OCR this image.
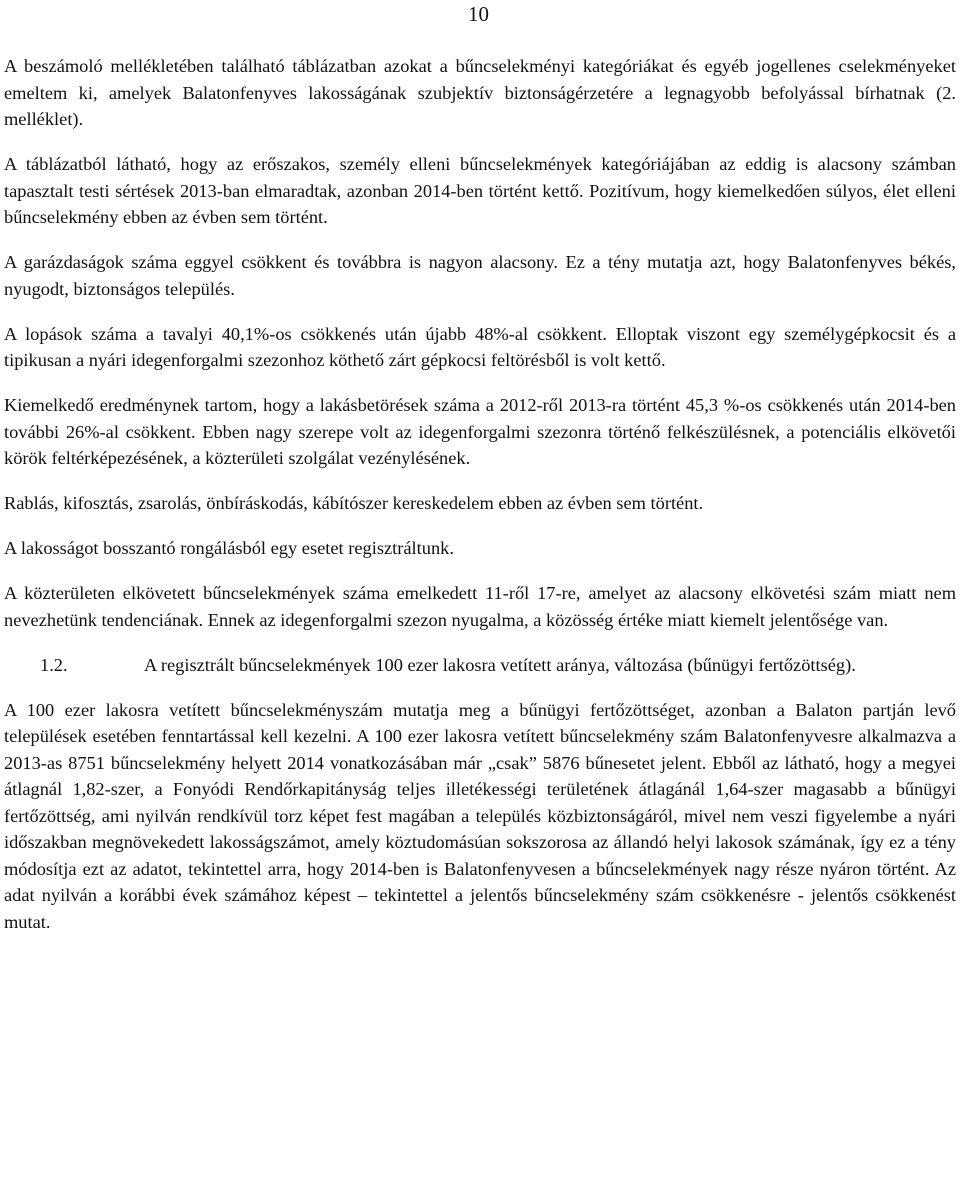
10

A beszámoló mellékletében található táblázatban azokat a bűncselekményi kategóriákat és egyéb jogellenes cselekményeket emeltem ki, amelyek Balatonfenyves lakosságának szubjektív biztonságérzetére a legnagyobb befolyással bírhatnak (2. melléklet).

A táblázatból látható, hogy az erőszakos, személy elleni bűncselekmények kategóriájában az eddig is alacsony számban tapasztalt testi sértések 2013-ban elmaradtak, azonban 2014-ben történt kettő. Pozitívum, hogy kiemelkedően súlyos, élet elleni bűncselekmény ebben az évben sem történt.

A garázdaságok száma eggyel csökkent és továbbra is nagyon alacsony. Ez a tény mutatja azt, hogy Balatonfenyves békés, nyugodt, biztonságos település.

A lopások száma a tavalyi 40,1%-os csökkenés után újabb 48%-al csökkent. Elloptak viszont egy személygépkocsit és a tipikusan a nyári idegenforgalmi szezonhoz köthető zárt gépkocsi feltörésből is volt kettő.

Kiemelkedő eredménynek tartom, hogy a lakásbetörések száma a 2012-ről 2013-ra történt 45,3 %-os csökkenés után 2014-ben további 26%-al csökkent. Ebben nagy szerepe volt az idegenforgalmi szezonra történő felkészülésnek, a potenciális elkövetői körök feltérképezésének, a közterületi szolgálat vezénylésének.

Rablás, kifosztás, zsarolás, önbíráskodás, kábítószer kereskedelem ebben az évben sem történt.

A lakosságot bosszantó rongálásból egy esetet regisztráltunk.

A közterületen elkövetett bűncselekmények száma emelkedett 11-ről 17-re, amelyet az alacsony elkövetési szám miatt nem nevezhetünk tendenciának. Ennek az idegenforgalmi szezon nyugalma, a közösség értéke miatt kiemelt jelentősége van.

1.2.	A regisztrált bűncselekmények 100 ezer lakosra vetített aránya, változása (bűnügyi fertőzöttség).

A 100 ezer lakosra vetített bűncselekményszám mutatja meg a bűnügyi fertőzöttséget, azonban a Balaton partján levő települések esetében fenntartással kell kezelni. A 100 ezer lakosra vetített bűncselekmény szám Balatonfenyvesre alkalmazva a 2013-as 8751 bűncselekmény helyett 2014 vonatkozásában már „csak” 5876 bűnesetet jelent. Ebből az látható, hogy a megyei átlagnál 1,82-szer, a Fonyódi Rendőrkapitányság teljes illetékességi területének átlagánál 1,64-szer magasabb a bűnügyi fertőzöttség, ami nyilván rendkívül torz képet fest magában a település közbiztonságáról, mivel nem veszi figyelembe a nyári időszakban megnövekedett lakosságszámot, amely köztudomásúan sokszorosa az állandó helyi lakosok számának, így ez a tény módosítja ezt az adatot, tekintettel arra, hogy 2014-ben is Balatonfenyvesen a bűncselekmények nagy része nyáron történt. Az adat nyilván a korábbi évek számához képest – tekintettel a jelentős bűncselekmény szám csökkenésre - jelentős csökkenést mutat.
